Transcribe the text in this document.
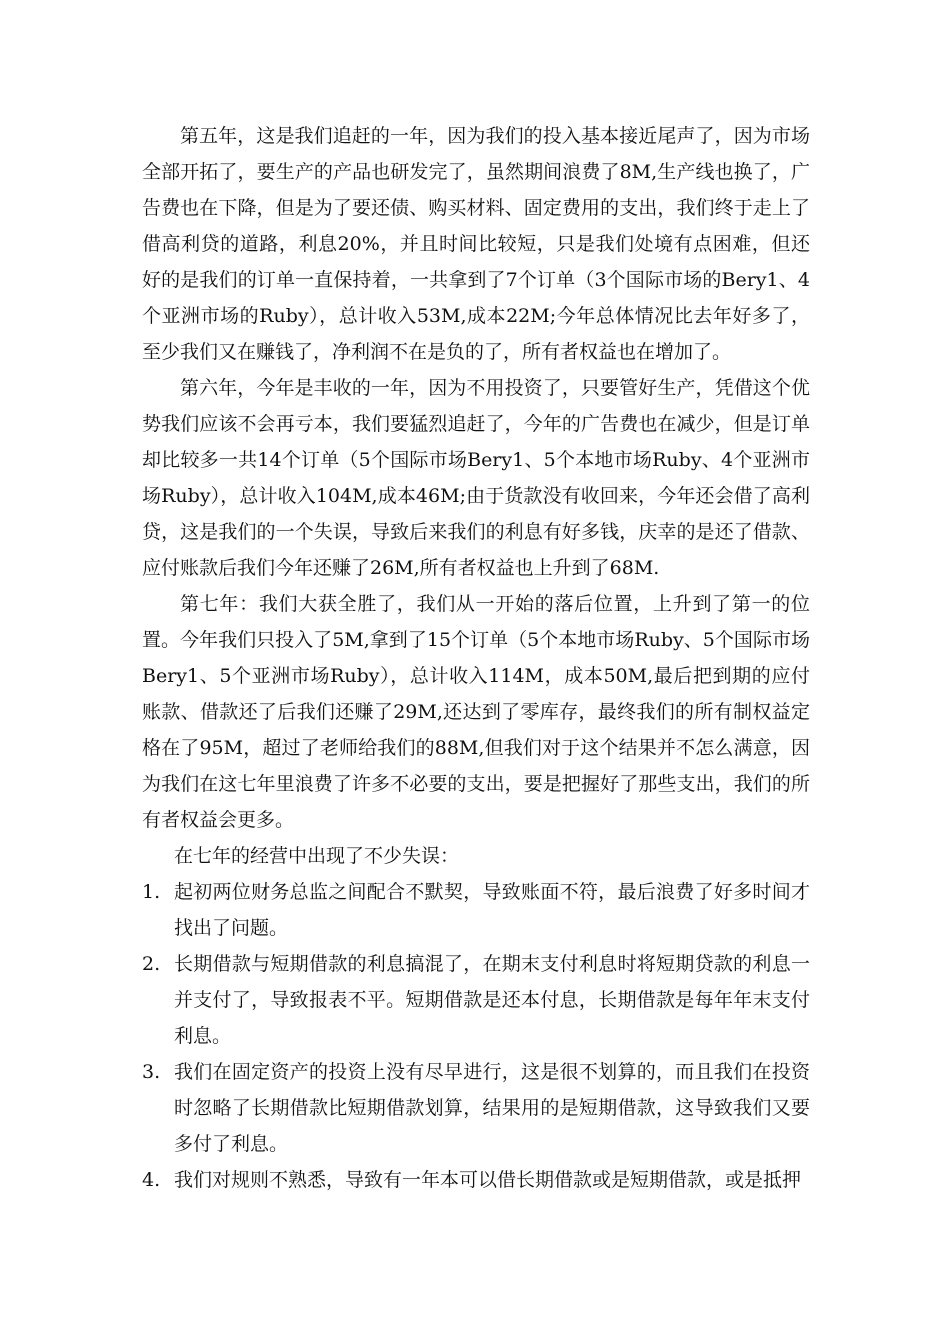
第五年，这是我们追赶的一年，因为我们的投入基本接近尾声了，因为市场全部开拓了，要生产的产品也研发完了，虽然期间浪费了8M,生产线也换了，广告费也在下降，但是为了要还债、购买材料、固定费用的支出，我们终于走上了借高利贷的道路，利息20%，并且时间比较短，只是我们处境有点困难，但还好的是我们的订单一直保持着，一共拿到了7个订单（3个国际市场的Bery1、4个亚洲市场的Ruby），总计收入53M,成本22M;今年总体情况比去年好多了，至少我们又在赚钱了，净利润不在是负的了，所有者权益也在增加了。

第六年，今年是丰收的一年，因为不用投资了，只要管好生产，凭借这个优势我们应该不会再亏本，我们要猛烈追赶了，今年的广告费也在减少，但是订单却比较多一共14个订单（5个国际市场Bery1、5个本地市场Ruby、4个亚洲市场Ruby），总计收入104M,成本46M;由于货款没有收回来，今年还会借了高利贷，这是我们的一个失误，导致后来我们的利息有好多钱，庆幸的是还了借款、应付账款后我们今年还赚了26M,所有者权益也上升到了68M.

第七年：我们大获全胜了，我们从一开始的落后位置，上升到了第一的位置。今年我们只投入了5M,拿到了15个订单（5个本地市场Ruby、5个国际市场Bery1、5个亚洲市场Ruby），总计收入114M，成本50M,最后把到期的应付账款、借款还了后我们还赚了29M,还达到了零库存，最终我们的所有制权益定格在了95M，超过了老师给我们的88M,但我们对于这个结果并不怎么满意，因为我们在这七年里浪费了许多不必要的支出，要是把握好了那些支出，我们的所有者权益会更多。

在七年的经营中出现了不少失误：

1. 起初两位财务总监之间配合不默契，导致账面不符，最后浪费了好多时间才找出了问题。
2. 长期借款与短期借款的利息搞混了，在期末支付利息时将短期贷款的利息一并支付了，导致报表不平。短期借款是还本付息，长期借款是每年年末支付利息。
3. 我们在固定资产的投资上没有尽早进行，这是很不划算的，而且我们在投资时忽略了长期借款比短期借款划算，结果用的是短期借款，这导致我们又要多付了利息。
4. 我们对规则不熟悉，导致有一年本可以借长期借款或是短期借款，或是抵押
